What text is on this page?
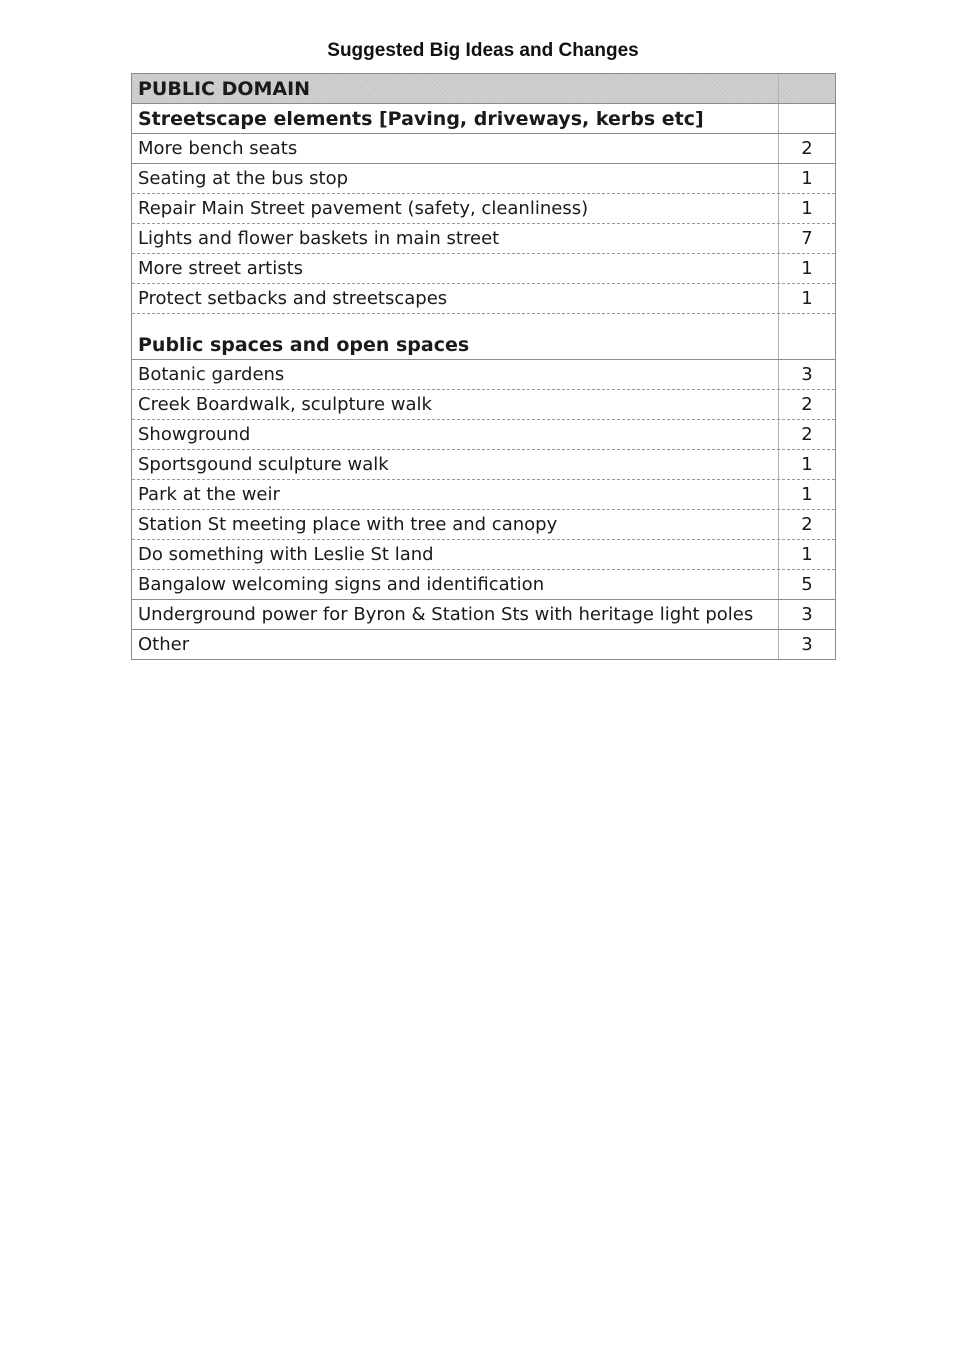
Suggested Big Ideas and Changes
PUBLIC DOMAIN
Streetscape elements [Paving, driveways, kerbs etc]
More bench seats	2
Seating at the bus stop	1
Repair Main Street pavement (safety, cleanliness)	1
Lights and flower baskets in main street	7
More street artists	1
Protect setbacks and streetscapes	1
Public spaces and open spaces
Botanic gardens	3
Creek Boardwalk, sculpture walk	2
Showground	2
Sportsgound sculpture walk	1
Park at the weir	1
Station St meeting place with tree and canopy	2
Do something with Leslie St land	1
Bangalow welcoming signs and identification	5
Underground power for Byron & Station Sts with heritage light poles	3
Other	3
